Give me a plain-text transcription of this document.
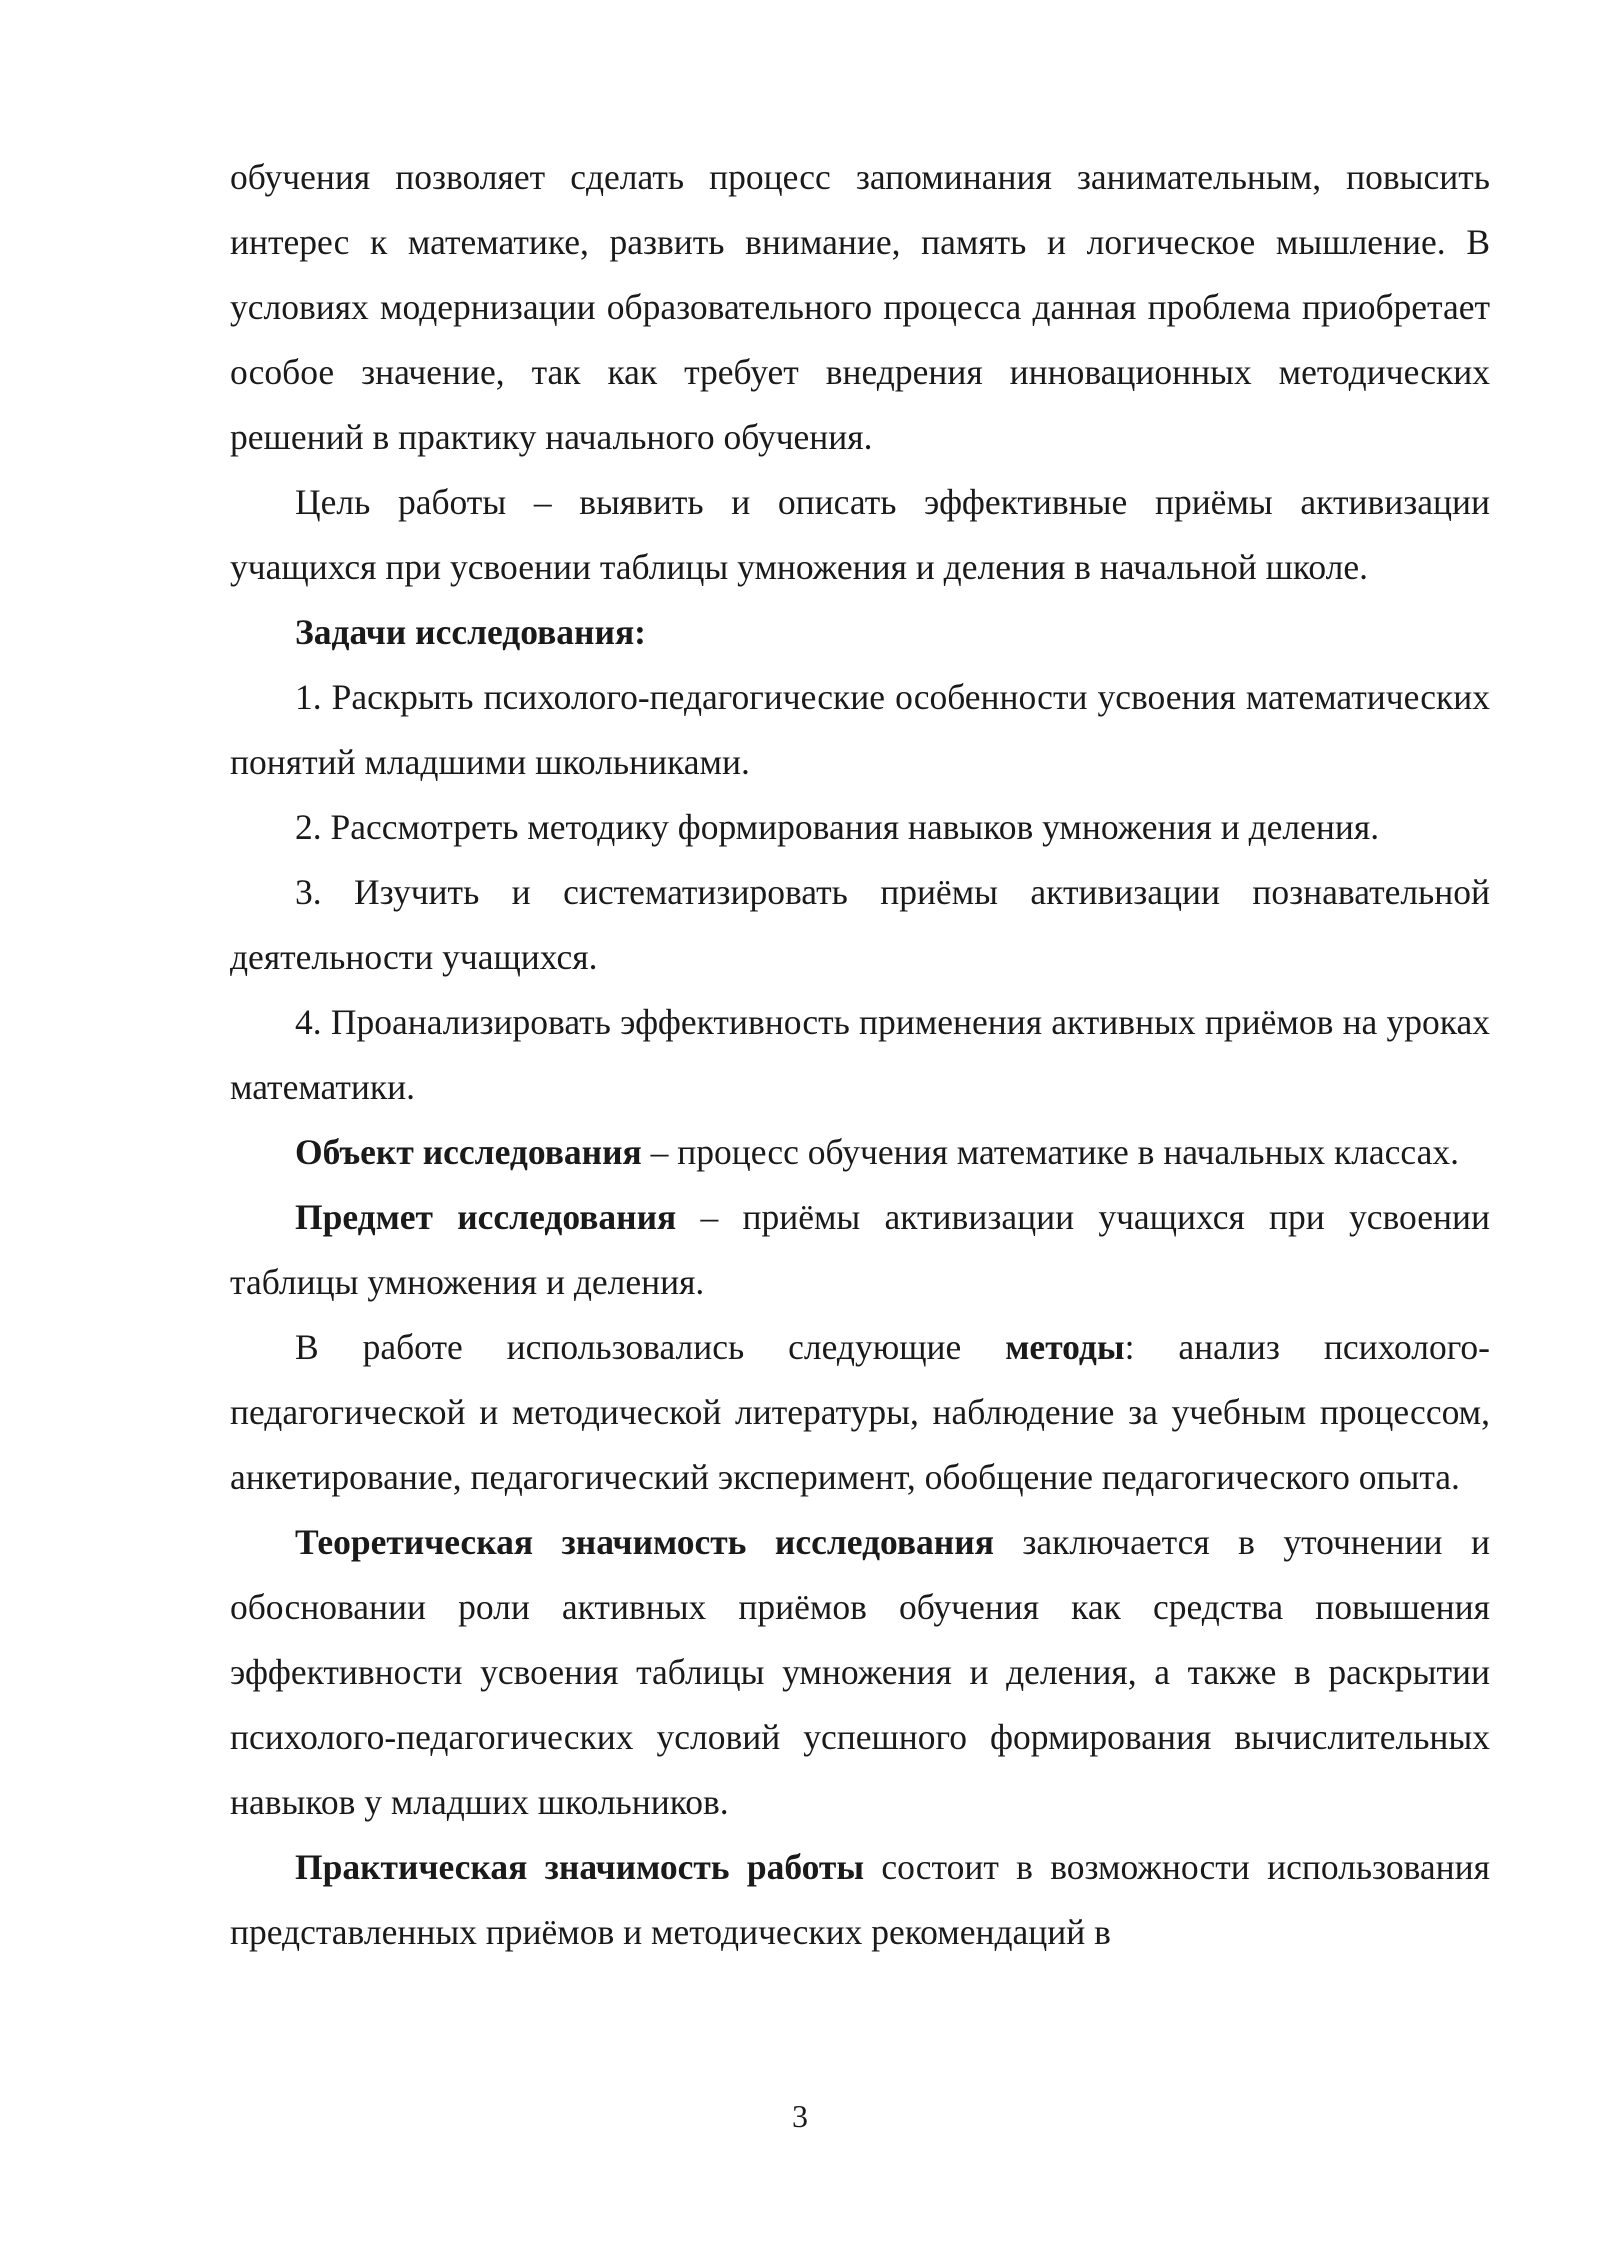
обучения позволяет сделать процесс запоминания занимательным, повысить интерес к математике, развить внимание, память и логическое мышление. В условиях модернизации образовательного процесса данная проблема приобретает особое значение, так как требует внедрения инновационных методических решений в практику начального обучения.

Цель работы – выявить и описать эффективные приёмы активизации учащихся при усвоении таблицы умножения и деления в начальной школе.

Задачи исследования:

1. Раскрыть психолого-педагогические особенности усвоения математических понятий младшими школьниками.

2. Рассмотреть методику формирования навыков умножения и деления.

3. Изучить и систематизировать приёмы активизации познавательной деятельности учащихся.

4. Проанализировать эффективность применения активных приёмов на уроках математики.

Объект исследования – процесс обучения математике в начальных классах.

Предмет исследования – приёмы активизации учащихся при усвоении таблицы умножения и деления.

В работе использовались следующие методы: анализ психолого-педагогической и методической литературы, наблюдение за учебным процессом, анкетирование, педагогический эксперимент, обобщение педагогического опыта.

Теоретическая значимость исследования заключается в уточнении и обосновании роли активных приёмов обучения как средства повышения эффективности усвоения таблицы умножения и деления, а также в раскрытии психолого-педагогических условий успешного формирования вычислительных навыков у младших школьников.

Практическая значимость работы состоит в возможности использования представленных приёмов и методических рекомендаций в

3
